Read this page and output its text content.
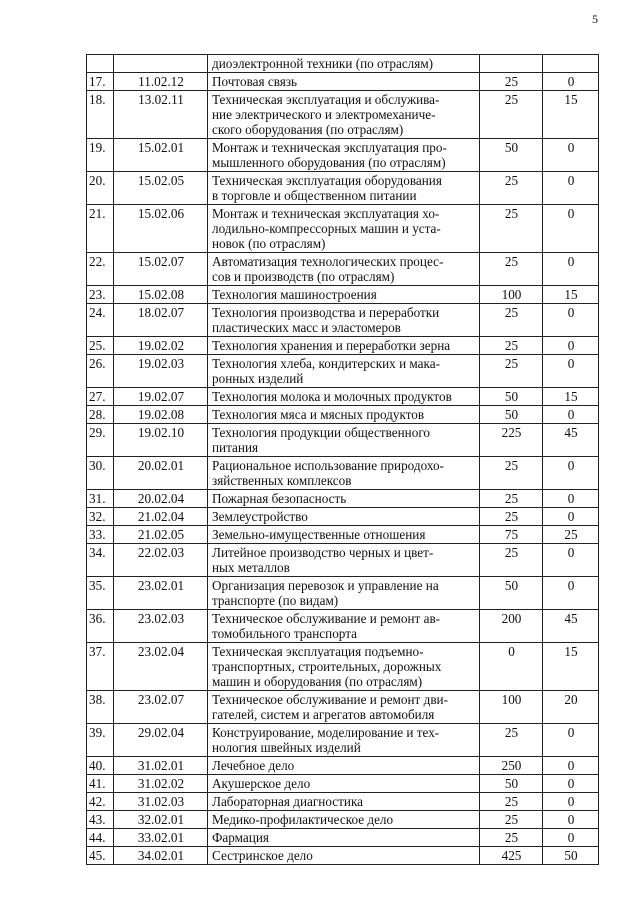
5
		диоэлектронной техники (по отраслям)		
17.	11.02.12	Почтовая связь	25	0
18.	13.02.11	Техническая эксплуатация и обслужива-
ние электрического и электромеханиче-
ского оборудования (по отраслям)	25	15
19.	15.02.01	Монтаж и техническая эксплуатация про-
мышленного оборудования (по отраслям)	50	0
20.	15.02.05	Техническая эксплуатация оборудования
в торговле и общественном питании	25	0
21.	15.02.06	Монтаж и техническая эксплуатация хо-
лодильно-компрессорных машин и уста-
новок (по отраслям)	25	0
22.	15.02.07	Автоматизация технологических процес-
сов и производств (по отраслям)	25	0
23.	15.02.08	Технология машиностроения	100	15
24.	18.02.07	Технология производства и переработки
пластических масс и эластомеров	25	0
25.	19.02.02	Технология хранения и переработки зерна	25	0
26.	19.02.03	Технология хлеба, кондитерских и мака-
ронных изделий	25	0
27.	19.02.07	Технология молока и молочных продуктов	50	15
28.	19.02.08	Технология мяса и мясных продуктов	50	0
29.	19.02.10	Технология продукции общественного
питания	225	45
30.	20.02.01	Рациональное использование природохо-
зяйственных комплексов	25	0
31.	20.02.04	Пожарная безопасность	25	0
32.	21.02.04	Землеустройство	25	0
33.	21.02.05	Земельно-имущественные отношения	75	25
34.	22.02.03	Литейное производство черных и цвет-
ных металлов	25	0
35.	23.02.01	Организация перевозок и управление на
транспорте (по видам)	50	0
36.	23.02.03	Техническое обслуживание и ремонт ав-
томобильного транспорта	200	45
37.	23.02.04	Техническая эксплуатация подъемно-
транспортных, строительных, дорожных
машин и оборудования (по отраслям)	0	15
38.	23.02.07	Техническое обслуживание и ремонт дви-
гателей, систем и агрегатов автомобиля	100	20
39.	29.02.04	Конструирование, моделирование и тех-
нология швейных изделий	25	0
40.	31.02.01	Лечебное дело	250	0
41.	31.02.02	Акушерское дело	50	0
42.	31.02.03	Лабораторная диагностика	25	0
43.	32.02.01	Медико-профилактическое дело	25	0
44.	33.02.01	Фармация	25	0
45.	34.02.01	Сестринское дело	425	50
